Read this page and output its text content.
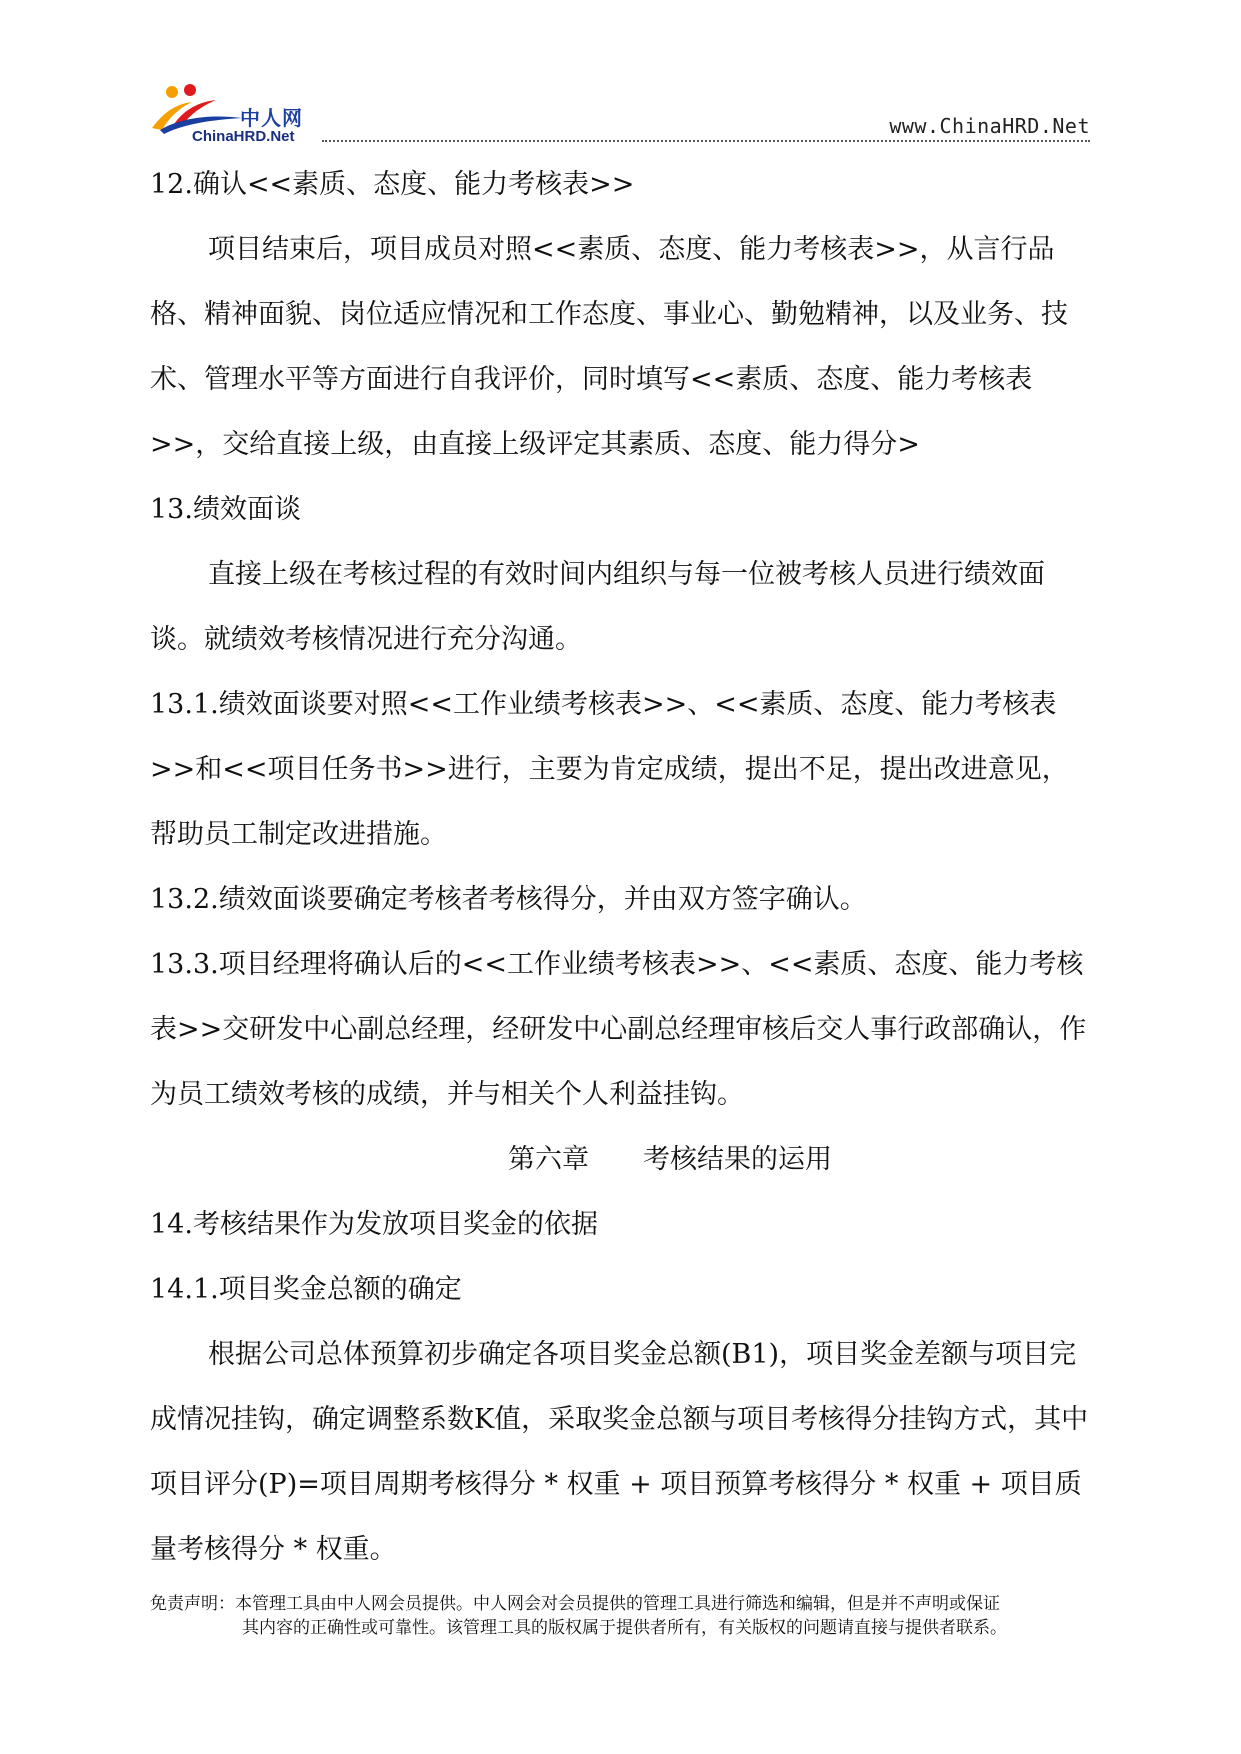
中人网
ChinaHRD.Net	www.ChinaHRD.Net

12.确认<<素质、态度、能力考核表>>

项目结束后，项目成员对照<<素质、态度、能力考核表>>，从言行品格、精神面貌、岗位适应情况和工作态度、事业心、勤勉精神，以及业务、技术、管理水平等方面进行自我评价，同时填写<<素质、态度、能力考核表>>，交给直接上级，由直接上级评定其素质、态度、能力得分>

13.绩效面谈

直接上级在考核过程的有效时间内组织与每一位被考核人员进行绩效面谈。就绩效考核情况进行充分沟通。

13.1.绩效面谈要对照<<工作业绩考核表>>、<<素质、态度、能力考核表>>和<<项目任务书>>进行，主要为肯定成绩，提出不足，提出改进意见，帮助员工制定改进措施。

13.2.绩效面谈要确定考核者考核得分，并由双方签字确认。

13.3.项目经理将确认后的<<工作业绩考核表>>、<<素质、态度、能力考核表>>交研发中心副总经理，经研发中心副总经理审核后交人事行政部确认，作为员工绩效考核的成绩，并与相关个人利益挂钩。

第六章　　考核结果的运用

14.考核结果作为发放项目奖金的依据

14.1.项目奖金总额的确定

根据公司总体预算初步确定各项目奖金总额(B1)，项目奖金差额与项目完成情况挂钩，确定调整系数K值，采取奖金总额与项目考核得分挂钩方式，其中项目评分(P)=项目周期考核得分 * 权重 + 项目预算考核得分 * 权重 + 项目质量考核得分 * 权重。

免责声明：本管理工具由中人网会员提供。中人网会对会员提供的管理工具进行筛选和编辑，但是并不声明或保证

其内容的正确性或可靠性。该管理工具的版权属于提供者所有，有关版权的问题请直接与提供者联系。
